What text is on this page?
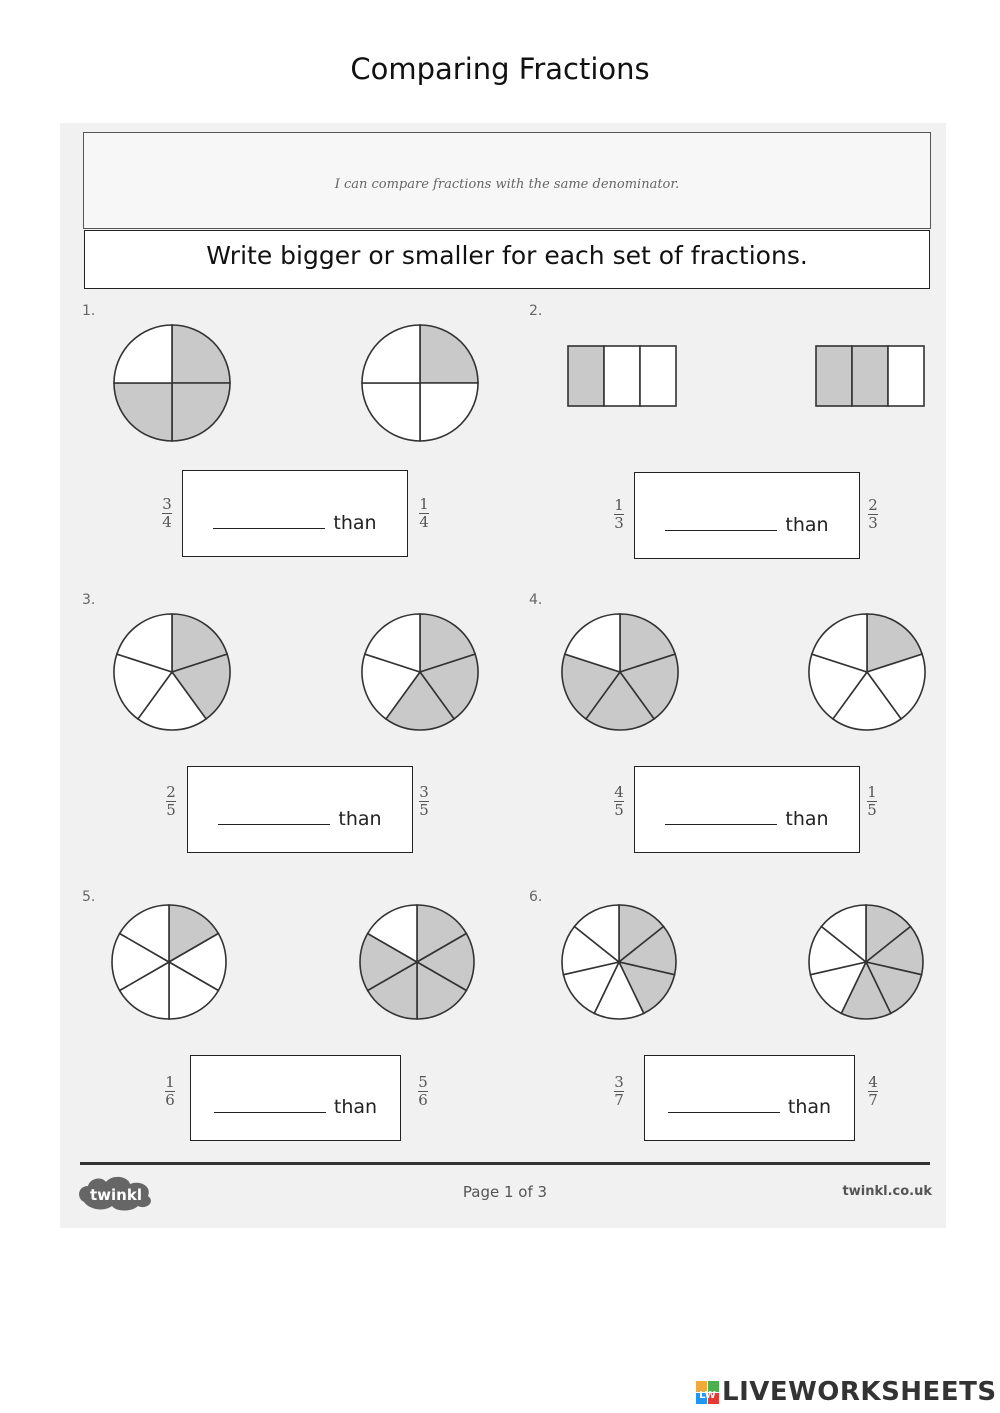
Comparing Fractions
I can compare fractions with the same denominator.
Write bigger or smaller for each set of fractions.
1.
$\frac{3}{4}$	than	$\frac{1}{4}$
2.
$\frac{1}{3}$	than	$\frac{2}{3}$
3.
$\frac{2}{5}$	than	$\frac{3}{5}$
4.
$\frac{4}{5}$	than	$\frac{1}{5}$
5.
$\frac{1}{6}$	than	$\frac{5}{6}$
6.
$\frac{3}{7}$	than	$\frac{4}{7}$
twinkl	Page 1 of 3	twinkl.co.uk
LW LIVEWORKSHEETS
